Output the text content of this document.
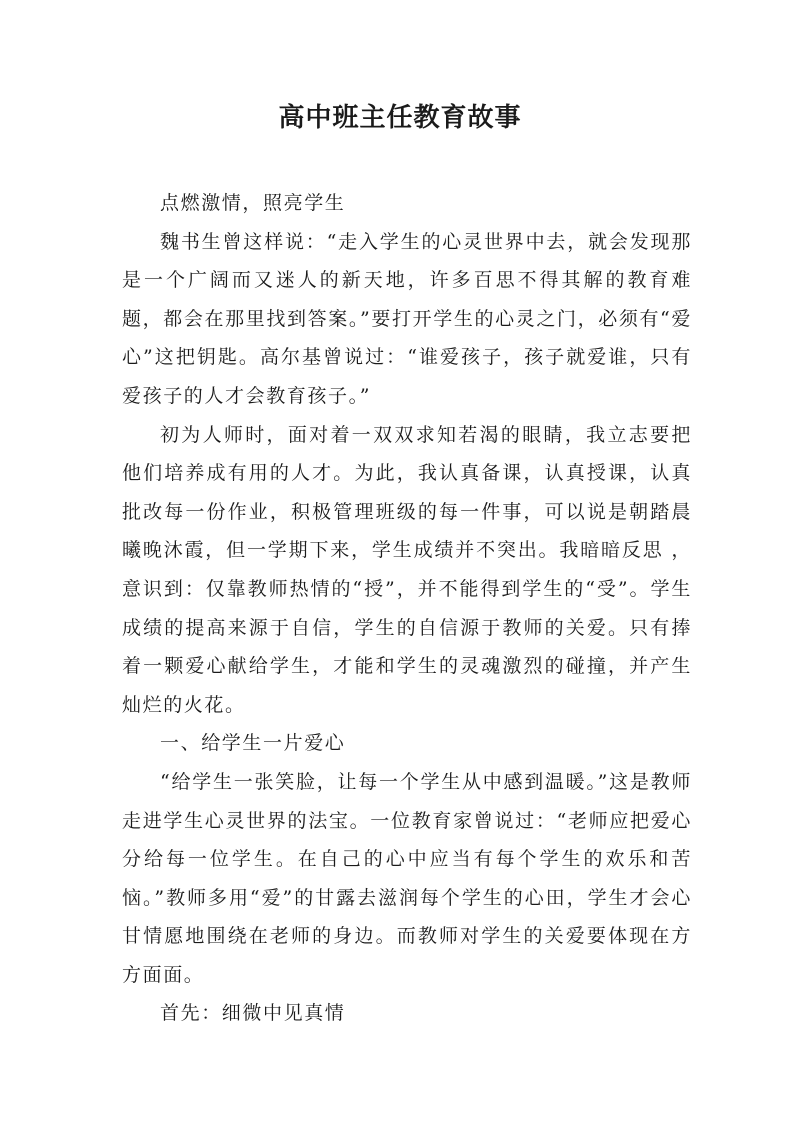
高中班主任教育故事

点燃激情，照亮学生

魏书生曾这样说：“走入学生的心灵世界中去，就会发现那是一个广阔而又迷人的新天地，许多百思不得其解的教育难题，都会在那里找到答案。”要打开学生的心灵之门，必须有“爱心”这把钥匙。高尔基曾说过：“谁爱孩子，孩子就爱谁，只有爱孩子的人才会教育孩子。”

初为人师时，面对着一双双求知若渴的眼睛，我立志要把他们培养成有用的人才。为此，我认真备课，认真授课，认真批改每一份作业，积极管理班级的每一件事，可以说是朝踏晨曦晚沐霞，但一学期下来，学生成绩并不突出。我暗暗反思 ，意识到：仅靠教师热情的“授”，并不能得到学生的“受”。学生成绩的提高来源于自信，学生的自信源于教师的关爱。只有捧着一颗爱心献给学生，才能和学生的灵魂激烈的碰撞，并产生灿烂的火花。

一、给学生一片爱心

“给学生一张笑脸，让每一个学生从中感到温暖。”这是教师走进学生心灵世界的法宝。一位教育家曾说过：“老师应把爱心分给每一位学生。在自己的心中应当有每个学生的欢乐和苦恼。”教师多用“爱”的甘露去滋润每个学生的心田，学生才会心甘情愿地围绕在老师的身边。而教师对学生的关爱要体现在方方面面。

首先：细微中见真情
